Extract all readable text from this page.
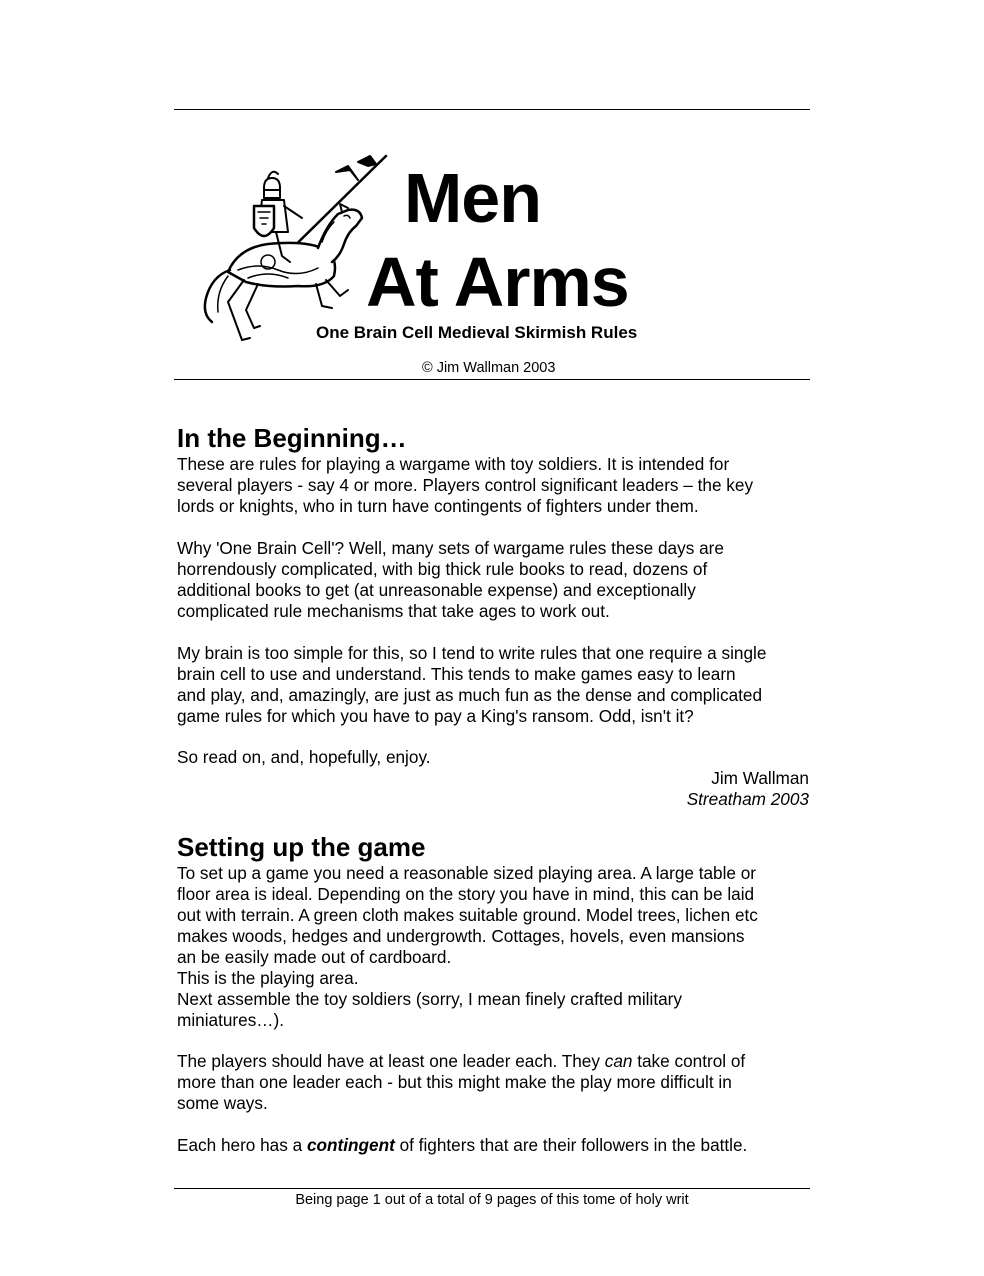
Men
At Arms
One Brain Cell Medieval Skirmish Rules
© Jim Wallman 2003
In the Beginning…

These are rules for playing a wargame with toy soldiers. It is intended for
several players - say 4 or more. Players control significant leaders – the key
lords or knights, who in turn have contingents of fighters under them.

Why 'One Brain Cell'? Well, many sets of wargame rules these days are
horrendously complicated, with big thick rule books to read, dozens of
additional books to get (at unreasonable expense) and exceptionally
complicated rule mechanisms that take ages to work out.

My brain is too simple for this, so I tend to write rules that one require a single
brain cell to use and understand. This tends to make games easy to learn
and play, and, amazingly, are just as much fun as the dense and complicated
game rules for which you have to pay a King's ransom. Odd, isn't it?

So read on, and, hopefully, enjoy.

Jim Wallman
Streatham 2003
Setting up the game

To set up a game you need a reasonable sized playing area. A large table or
floor area is ideal. Depending on the story you have in mind, this can be laid
out with terrain. A green cloth makes suitable ground. Model trees, lichen etc
makes woods, hedges and undergrowth. Cottages, hovels, even mansions
an be easily made out of cardboard.
This is the playing area.
Next assemble the toy soldiers (sorry, I mean finely crafted military
miniatures…).

The players should have at least one leader each. They can take control of
more than one leader each - but this might make the play more difficult in
some ways.

Each hero has a contingent of fighters that are their followers in the battle.

Being page 1 out of a total of 9 pages of this tome of holy writ
